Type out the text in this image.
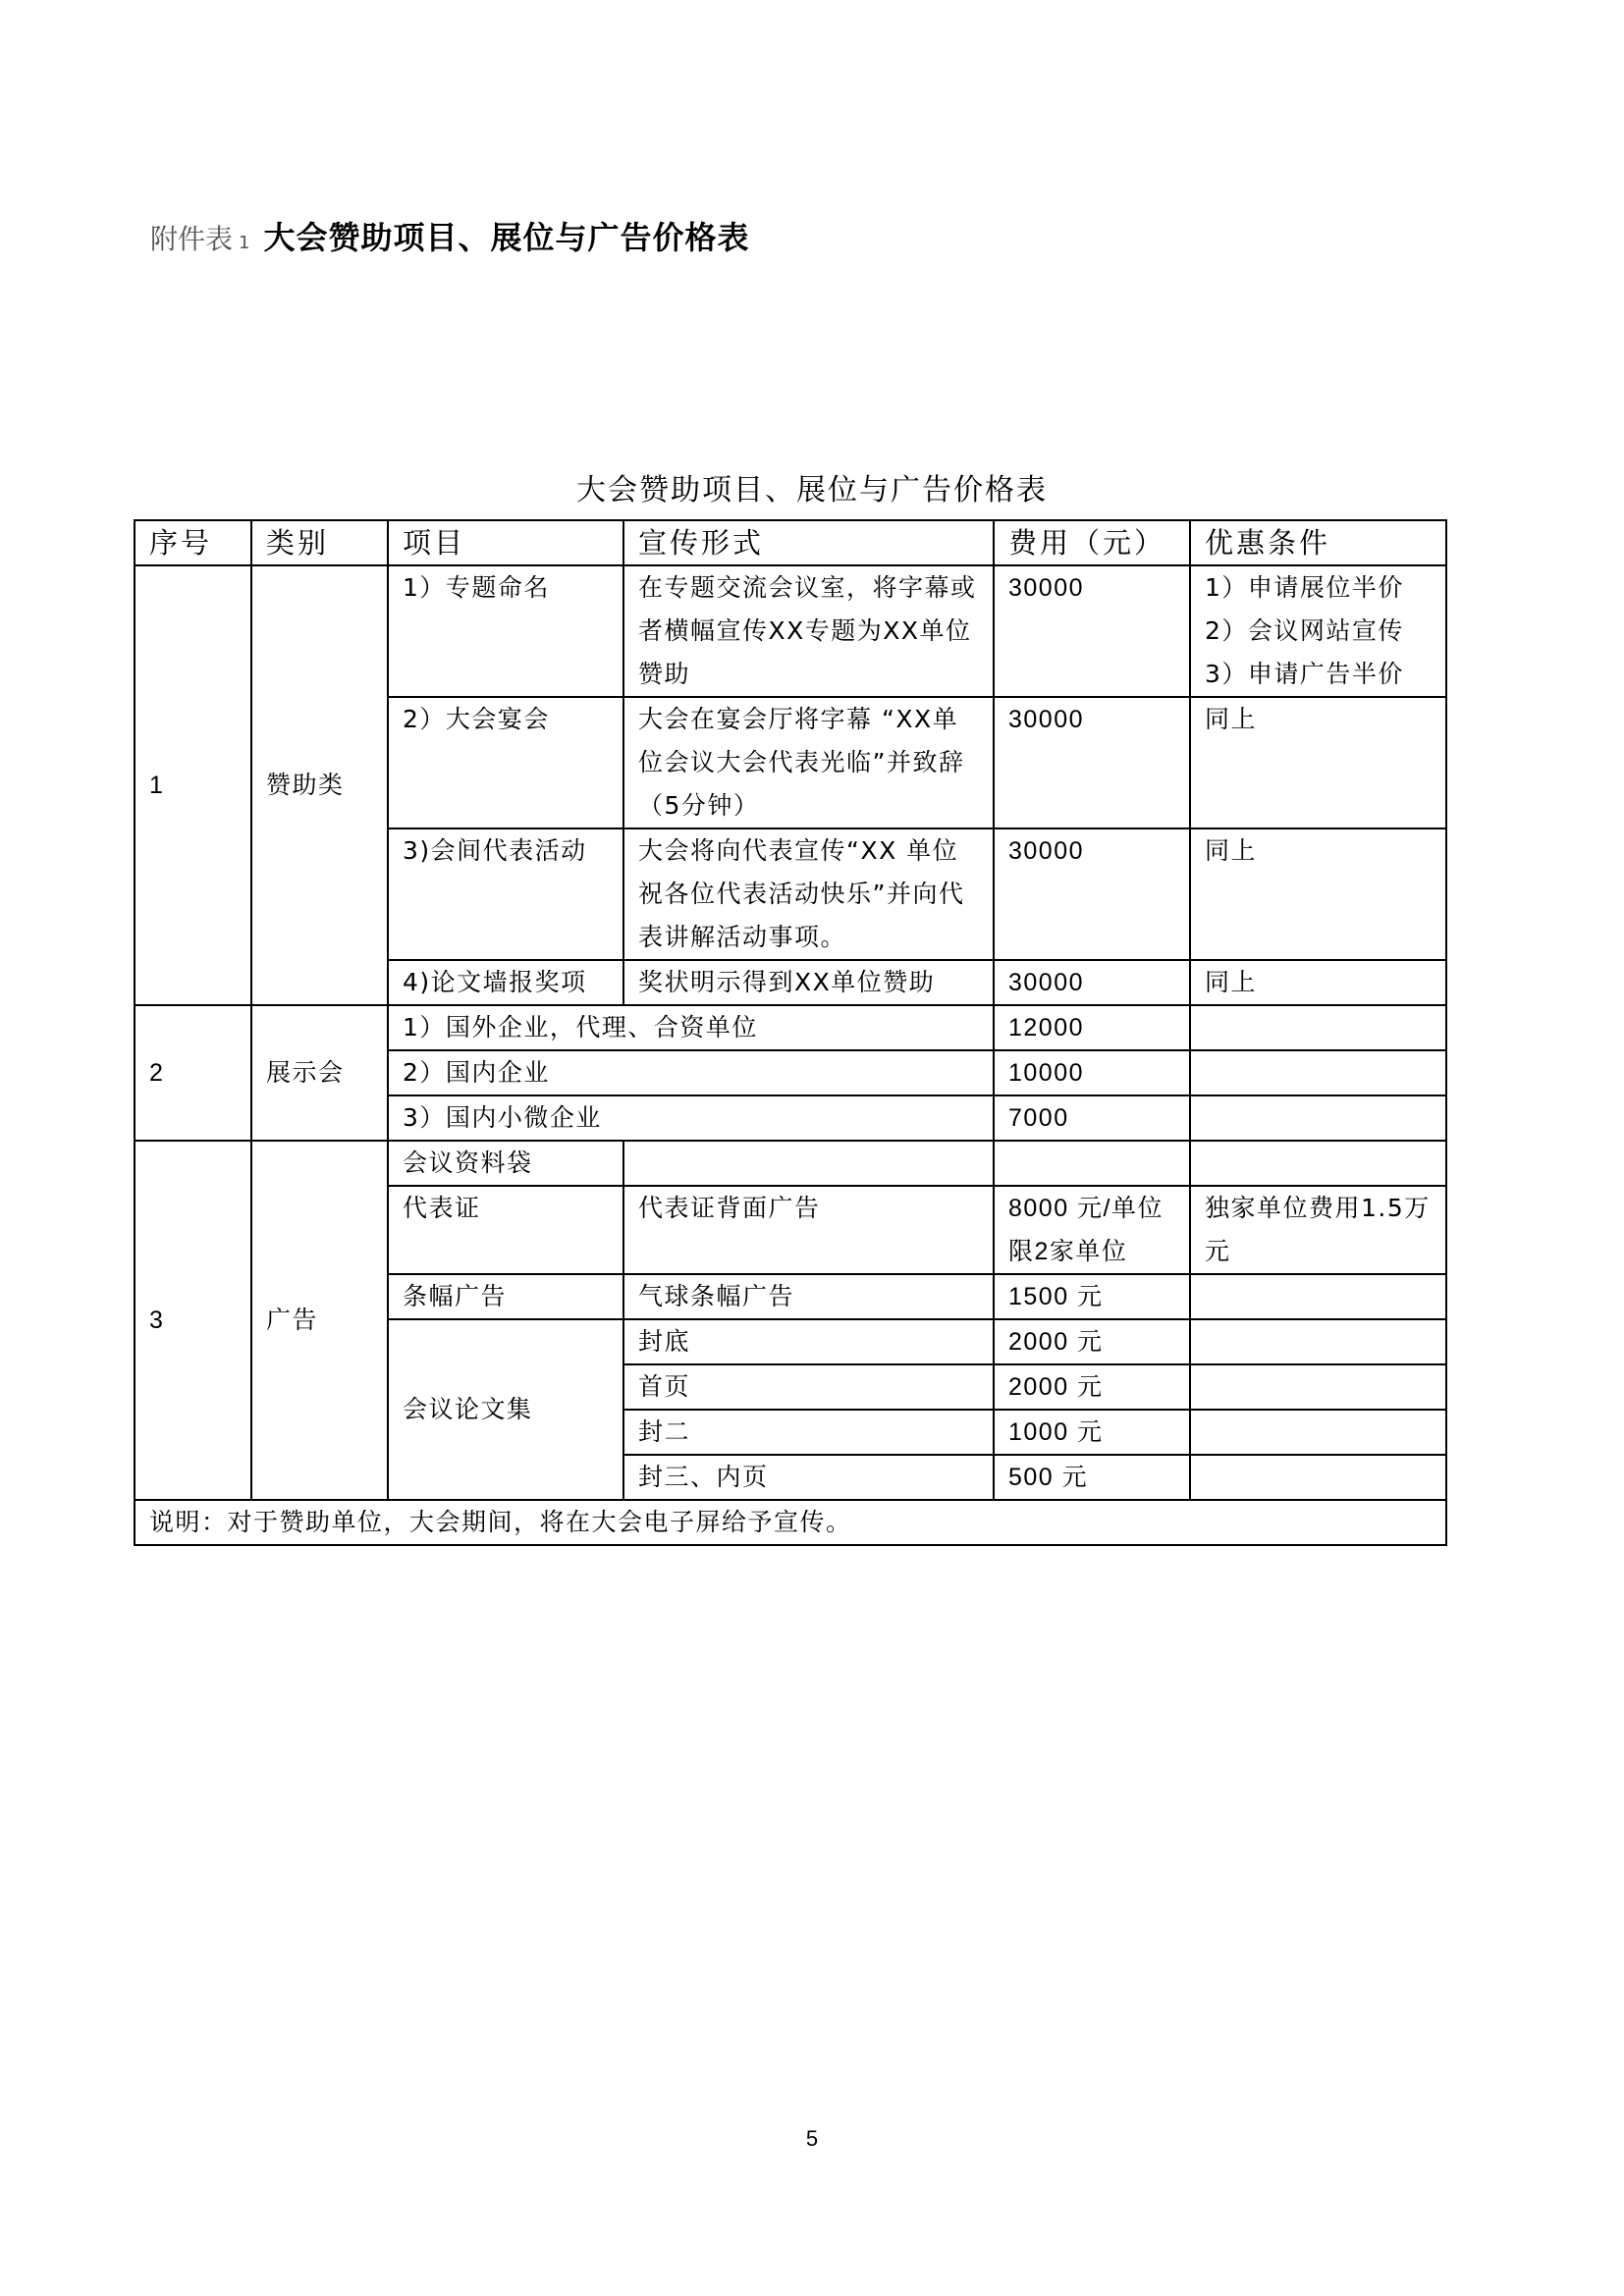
附件表 1 大会赞助项目、展位与广告价格表
大会赞助项目、展位与广告价格表
序号	类别	项目	宣传形式	费用（元）	优惠条件
1	赞助类	1）专题命名	在专题交流会议室，将字幕或者横幅宣传XX专题为XX单位赞助	30000	1）申请展位半价
2）会议网站宣传
3）申请广告半价

		2）大会宴会	大会在宴会厅将字幕 “XX单位会议大会代表光临”并致辞（5分钟）	30000	同上
		3)会间代表活动	大会将向代表宣传“XX 单位祝各位代表活动快乐”并向代表讲解活动事项。	30000	同上
		4)论文墙报奖项	奖状明示得到XX单位赞助	30000	同上
2	展示会	1）国外企业，代理、合资单位		12000	
		2）国内企业		10000	
		3）国内小微企业		7000	
3	广告	会议资料袋			
		代表证	代表证背面广告	8000 元/单位限2家单位	独家单位费用1.5万元
		条幅广告	气球条幅广告	1500 元	
		会议论文集	封底	2000 元	
			首页	2000 元	
			封二	1000 元	
			封三、内页	500 元	
说明：对于赞助单位，大会期间，将在大会电子屏给予宣传。					
5
